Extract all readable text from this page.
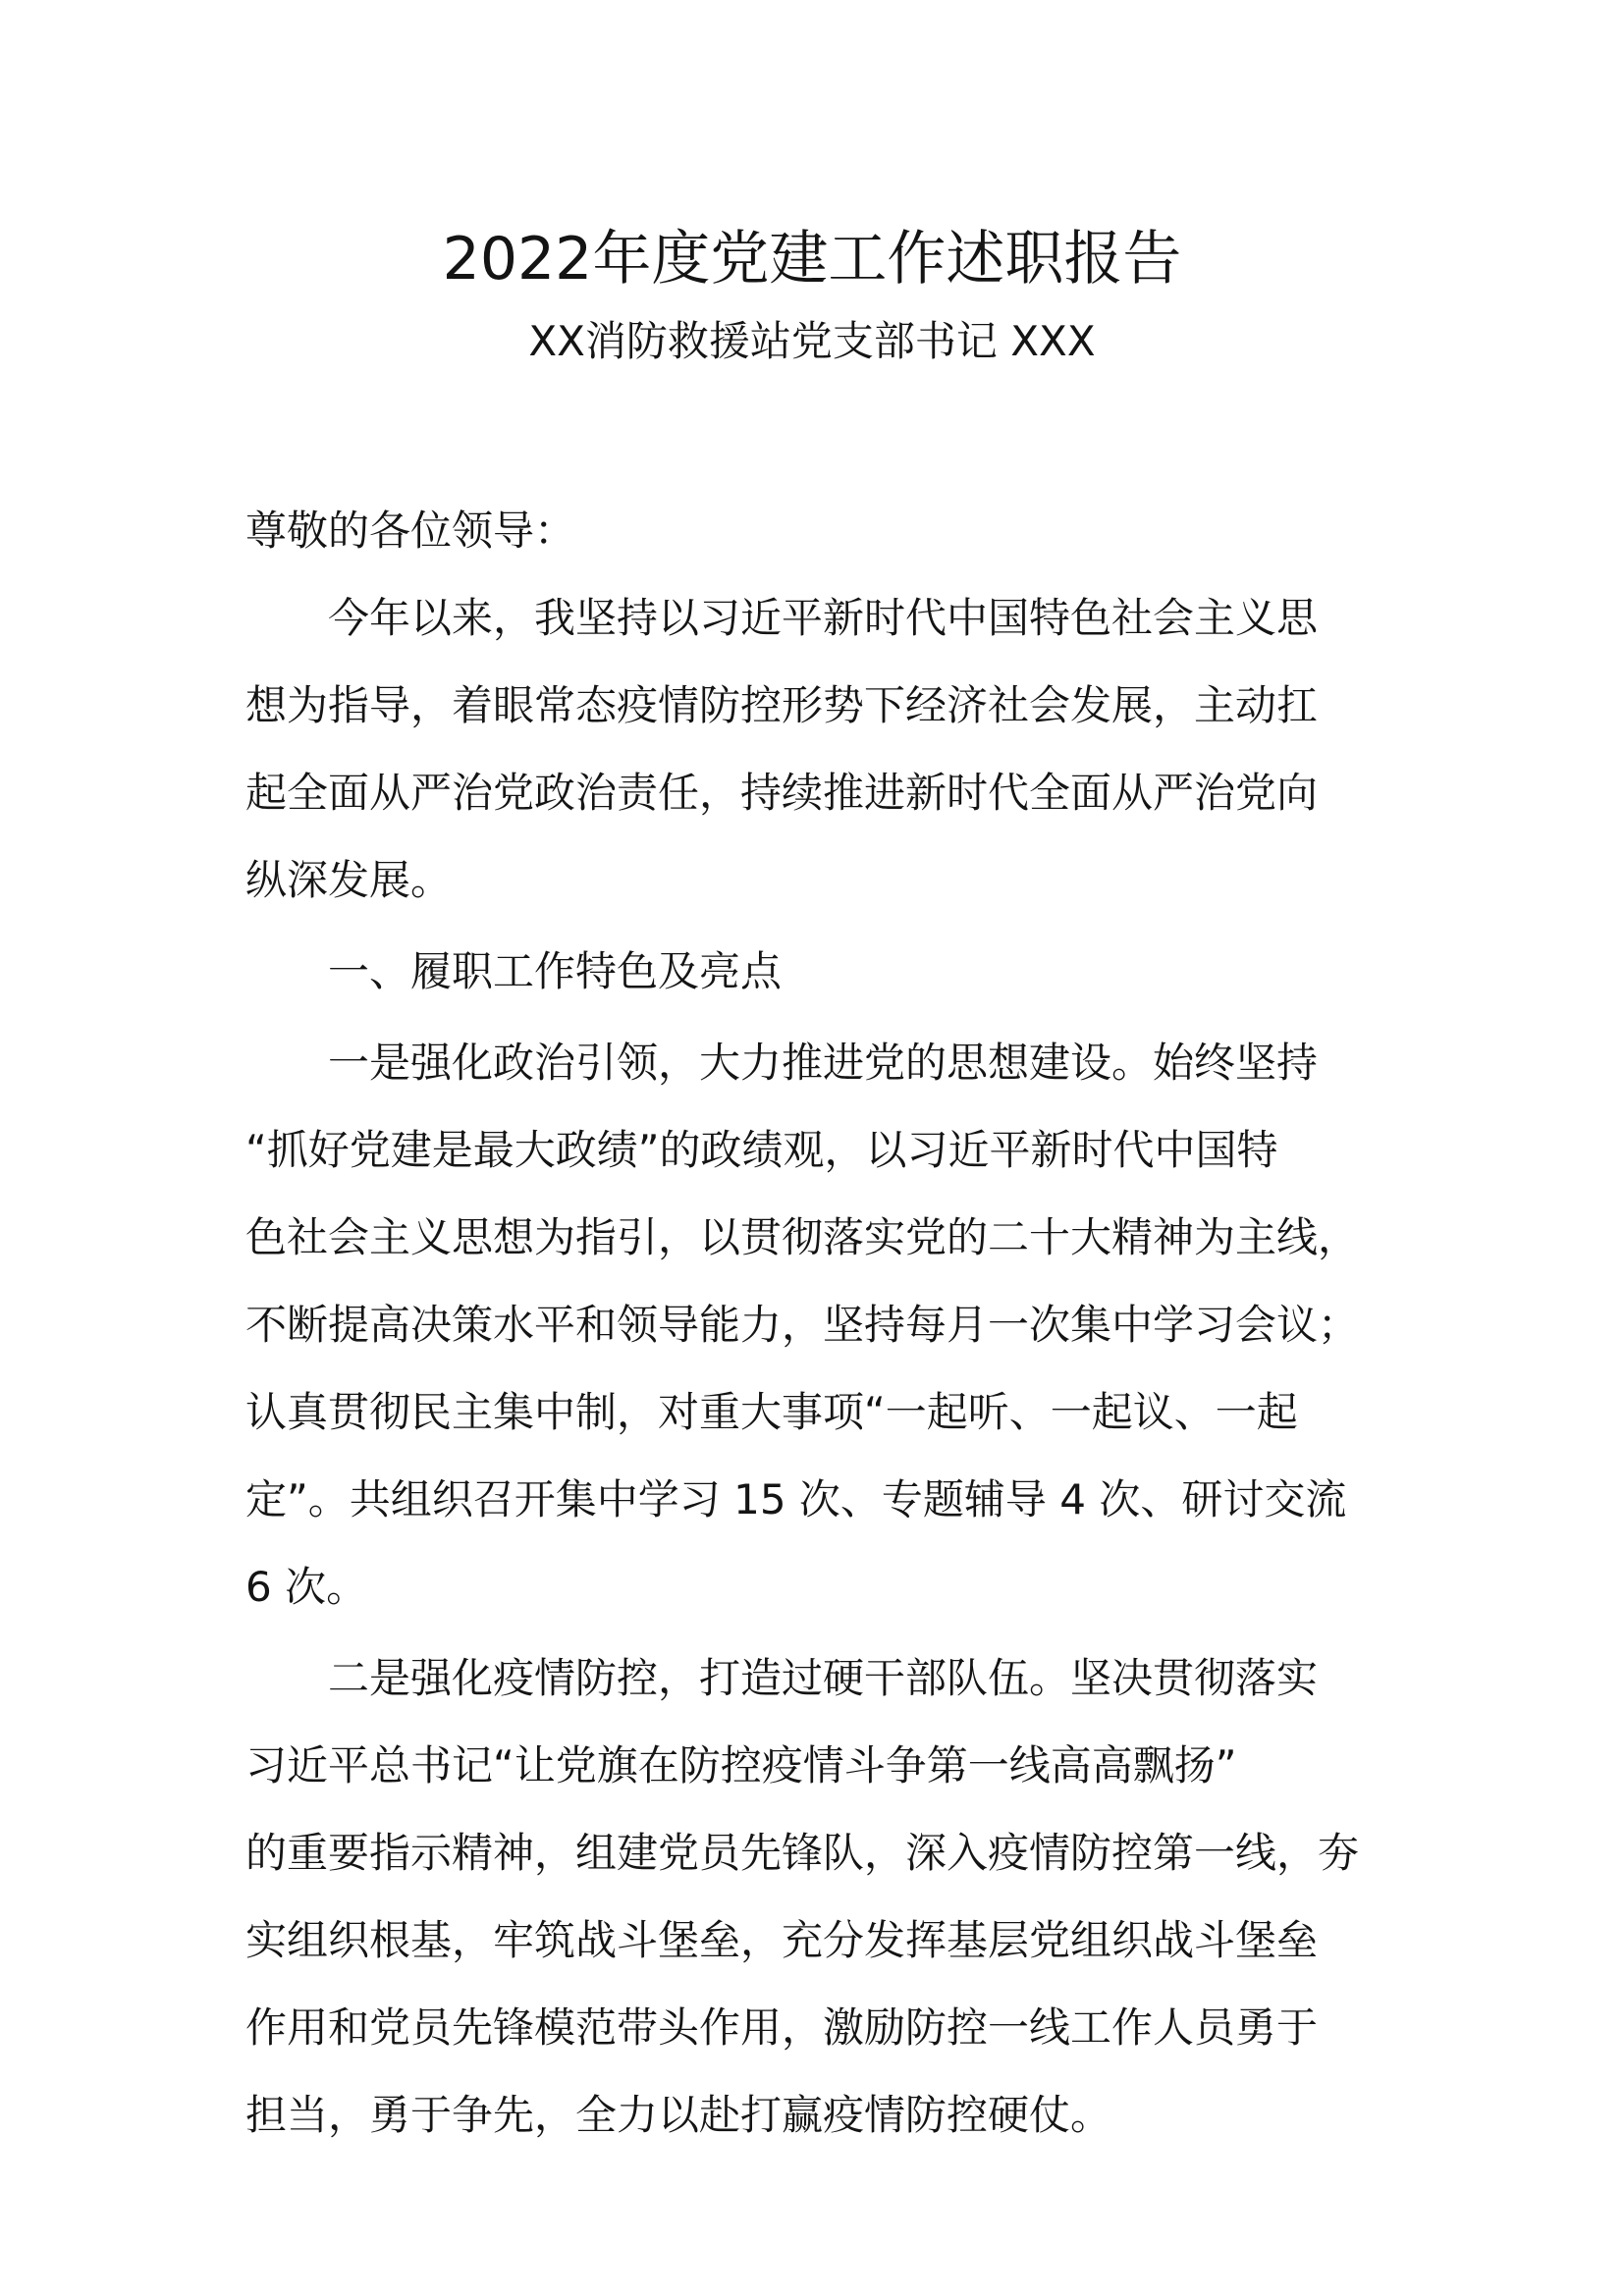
2022年度党建工作述职报告
XX消防救援站党支部书记 XXX

尊敬的各位领导：

今年以来，我坚持以习近平新时代中国特色社会主义思
想为指导，着眼常态疫情防控形势下经济社会发展，主动扛
起全面从严治党政治责任，持续推进新时代全面从严治党向
纵深发展。

一、履职工作特色及亮点

一是强化政治引领，大力推进党的思想建设。始终坚持
“抓好党建是最大政绩”的政绩观，以习近平新时代中国特
色社会主义思想为指引，以贯彻落实党的二十大精神为主线，
不断提高决策水平和领导能力，坚持每月一次集中学习会议；
认真贯彻民主集中制，对重大事项“一起听、一起议、一起
定”。共组织召开集中学习 15 次、专题辅导 4 次、研讨交流
6 次。

二是强化疫情防控，打造过硬干部队伍。坚决贯彻落实
习近平总书记“让党旗在防控疫情斗争第一线高高飘扬”
的重要指示精神，组建党员先锋队，深入疫情防控第一线，夯
实组织根基，牢筑战斗堡垒，充分发挥基层党组织战斗堡垒
作用和党员先锋模范带头作用，激励防控一线工作人员勇于
担当，勇于争先，全力以赴打赢疫情防控硬仗。
